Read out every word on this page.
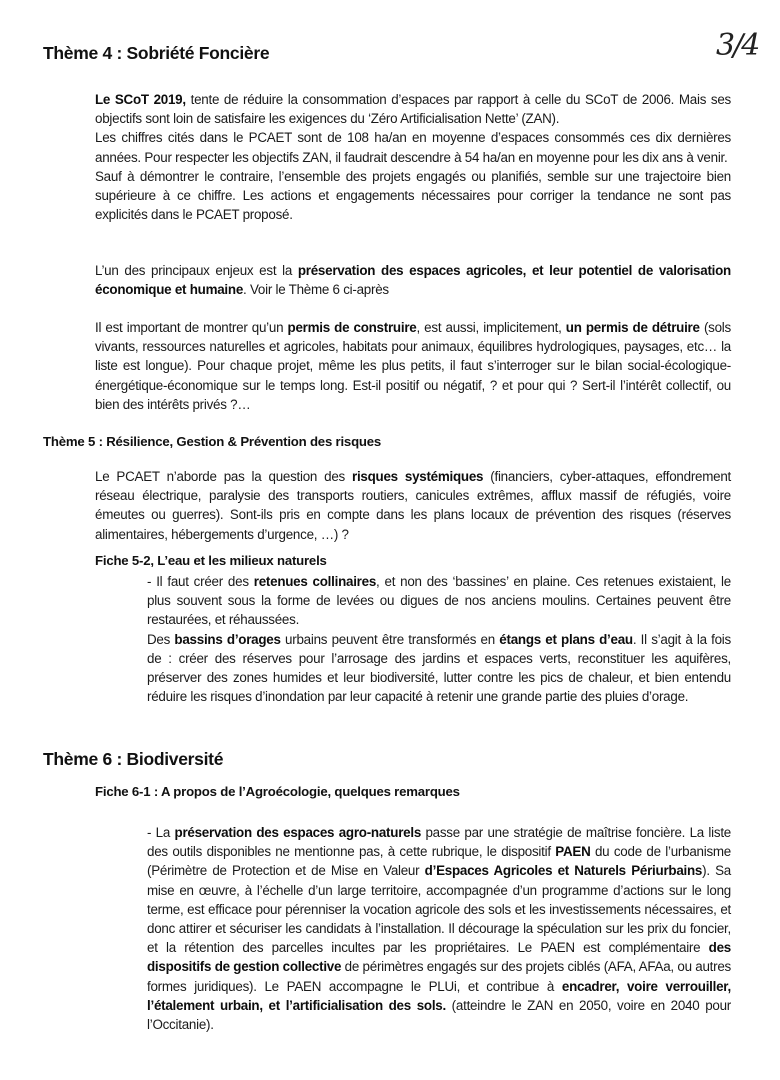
3/4
Thème 4 : Sobriété Foncière
Le SCoT 2019, tente de réduire la consommation d’espaces par rapport à celle du SCoT de 2006. Mais ses objectifs sont loin de satisfaire les exigences du ‘Zéro Artificialisation Nette’ (ZAN).
Les chiffres cités dans le PCAET sont de 108 ha/an en moyenne d’espaces consommés ces dix dernières années. Pour respecter les objectifs ZAN, il faudrait descendre à 54 ha/an en moyenne pour les dix ans à venir.
Sauf à démontrer le contraire, l’ensemble des projets engagés ou planifiés, semble sur une trajectoire bien supérieure à ce chiffre. Les actions et engagements nécessaires pour corriger la tendance ne sont pas explicités dans le PCAET proposé.
L’un des principaux enjeux est la préservation des espaces agricoles, et leur potentiel de valorisation économique et humaine. Voir le Thème 6 ci-après
Il est important de montrer qu’un permis de construire, est aussi, implicitement, un permis de détruire (sols vivants, ressources naturelles et agricoles, habitats pour animaux, équilibres hydrologiques, paysages, etc… la liste est longue). Pour chaque projet, même les plus petits, il faut s’interroger sur le bilan social-écologique-énergétique-économique sur le temps long. Est-il positif ou négatif, ? et pour qui ? Sert-il l’intérêt collectif, ou bien des intérêts privés ?…
Thème 5 : Résilience, Gestion & Prévention des risques
Le PCAET n’aborde pas la question des risques systémiques (financiers, cyber-attaques, effondrement réseau électrique, paralysie des transports routiers, canicules extrêmes, afflux massif de réfugiés, voire émeutes ou guerres). Sont-ils pris en compte dans les plans locaux de prévention des risques (réserves alimentaires, hébergements d’urgence, …) ?
Fiche 5-2, L’eau et les milieux naturels
- Il faut créer des retenues collinaires, et non des ‘bassines’ en plaine. Ces retenues existaient, le plus souvent sous la forme de levées ou digues de nos anciens moulins. Certaines peuvent être restaurées, et réhaussées.
Des bassins d’orages urbains peuvent être transformés en étangs et plans d’eau. Il s’agit à la fois de : créer des réserves pour l’arrosage des jardins et espaces verts, reconstituer les aquifères, préserver des zones humides et leur biodiversité, lutter contre les pics de chaleur, et bien entendu réduire les risques d’inondation par leur capacité à retenir une grande partie des pluies d’orage.
Thème 6 : Biodiversité
Fiche 6-1 : A propos de l’Agroécologie, quelques remarques
- La préservation des espaces agro-naturels passe par une stratégie de maîtrise foncière. La liste des outils disponibles ne mentionne pas, à cette rubrique, le dispositif PAEN du code de l’urbanisme (Périmètre de Protection et de Mise en Valeur d’Espaces Agricoles et Naturels Périurbains). Sa mise en œuvre, à l’échelle d’un large territoire, accompagnée d’un programme d’actions sur le long terme, est efficace pour pérenniser la vocation agricole des sols et les investissements nécessaires, et donc attirer et sécuriser les candidats à l’installation. Il décourage la spéculation sur les prix du foncier, et la rétention des parcelles incultes par les propriétaires. Le PAEN est complémentaire des dispositifs de gestion collective de périmètres engagés sur des projets ciblés (AFA, AFAa, ou autres formes juridiques). Le PAEN accompagne le PLUi, et contribue à encadrer, voire verrouiller, l’étalement urbain, et l’artificialisation des sols. (atteindre le ZAN en 2050, voire en 2040 pour l’Occitanie).
